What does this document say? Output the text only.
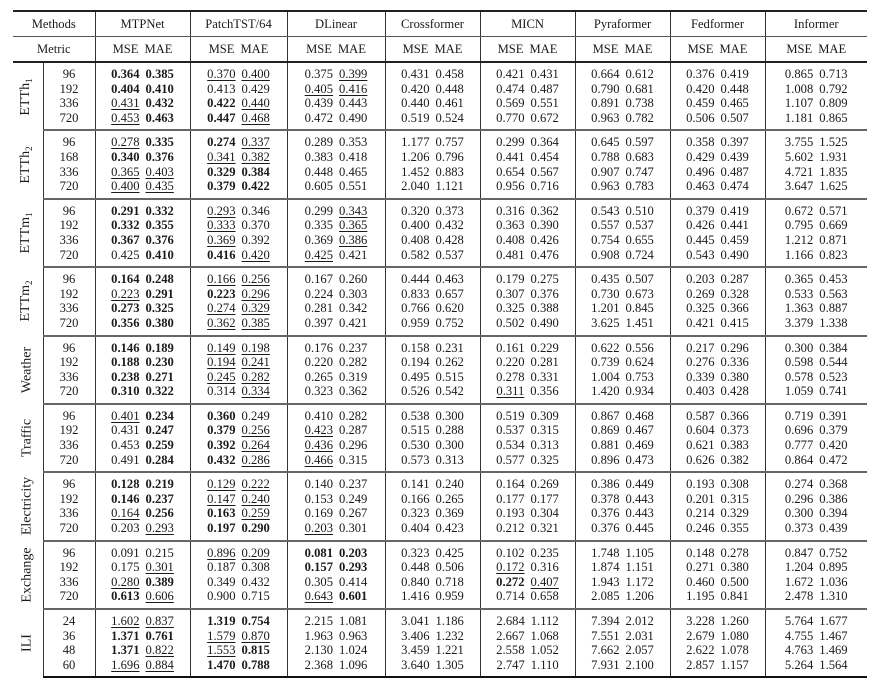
Methods		MTPNet	PatchTST/64	DLinear	Crossformer	MICN	Pyraformer	Fedformer	Informer
Metric		MSE MAE	MSE MAE	MSE MAE	MSE MAE	MSE MAE	MSE MAE	MSE MAE	MSE MAE

ETTh$_1$	96	0.364 0.385	0.370 0.400	0.375 0.399	0.431 0.458	0.421 0.431	0.664 0.612	0.376 0.419	0.865 0.713

	192	0.404 0.410	0.413 0.429	0.405 0.416	0.420 0.448	0.474 0.487	0.790 0.681	0.420 0.448	1.008 0.792

	336	0.431 0.432	0.422 0.440	0.439 0.443	0.440 0.461	0.569 0.551	0.891 0.738	0.459 0.465	1.107 0.809

	720	0.453 0.463	0.447 0.468	0.472 0.490	0.519 0.524	0.770 0.672	0.963 0.782	0.506 0.507	1.181 0.865

ETTh$_2$	96	0.278 0.335	0.274 0.337	0.289 0.353	1.177 0.757	0.299 0.364	0.645 0.597	0.358 0.397	3.755 1.525

	168	0.340 0.376	0.341 0.382	0.383 0.418	1.206 0.796	0.441 0.454	0.788 0.683	0.429 0.439	5.602 1.931

	336	0.365 0.403	0.329 0.384	0.448 0.465	1.452 0.883	0.654 0.567	0.907 0.747	0.496 0.487	4.721 1.835

	720	0.400 0.435	0.379 0.422	0.605 0.551	2.040 1.121	0.956 0.716	0.963 0.783	0.463 0.474	3.647 1.625

ETTm$_1$	96	0.291 0.332	0.293 0.346	0.299 0.343	0.320 0.373	0.316 0.362	0.543 0.510	0.379 0.419	0.672 0.571

	192	0.332 0.355	0.333 0.370	0.335 0.365	0.400 0.432	0.363 0.390	0.557 0.537	0.426 0.441	0.795 0.669

	336	0.367 0.376	0.369 0.392	0.369 0.386	0.408 0.428	0.408 0.426	0.754 0.655	0.445 0.459	1.212 0.871

	720	0.425 0.410	0.416 0.420	0.425 0.421	0.582 0.537	0.481 0.476	0.908 0.724	0.543 0.490	1.166 0.823

ETTm$_2$	96	0.164 0.248	0.166 0.256	0.167 0.260	0.444 0.463	0.179 0.275	0.435 0.507	0.203 0.287	0.365 0.453

	192	0.223 0.291	0.223 0.296	0.224 0.303	0.833 0.657	0.307 0.376	0.730 0.673	0.269 0.328	0.533 0.563

	336	0.273 0.325	0.274 0.329	0.281 0.342	0.766 0.620	0.325 0.388	1.201 0.845	0.325 0.366	1.363 0.887

	720	0.356 0.380	0.362 0.385	0.397 0.421	0.959 0.752	0.502 0.490	3.625 1.451	0.421 0.415	3.379 1.338

Weather	96	0.146 0.189	0.149 0.198	0.176 0.237	0.158 0.231	0.161 0.229	0.622 0.556	0.217 0.296	0.300 0.384

	192	0.188 0.230	0.194 0.241	0.220 0.282	0.194 0.262	0.220 0.281	0.739 0.624	0.276 0.336	0.598 0.544

	336	0.238 0.271	0.245 0.282	0.265 0.319	0.495 0.515	0.278 0.331	1.004 0.753	0.339 0.380	0.578 0.523

	720	0.310 0.322	0.314 0.334	0.323 0.362	0.526 0.542	0.311 0.356	1.420 0.934	0.403 0.428	1.059 0.741

Traffic	96	0.401 0.234	0.360 0.249	0.410 0.282	0.538 0.300	0.519 0.309	0.867 0.468	0.587 0.366	0.719 0.391

	192	0.431 0.247	0.379 0.256	0.423 0.287	0.515 0.288	0.537 0.315	0.869 0.467	0.604 0.373	0.696 0.379

	336	0.453 0.259	0.392 0.264	0.436 0.296	0.530 0.300	0.534 0.313	0.881 0.469	0.621 0.383	0.777 0.420

	720	0.491 0.284	0.432 0.286	0.466 0.315	0.573 0.313	0.577 0.325	0.896 0.473	0.626 0.382	0.864 0.472

Electricity	96	0.128 0.219	0.129 0.222	0.140 0.237	0.141 0.240	0.164 0.269	0.386 0.449	0.193 0.308	0.274 0.368

	192	0.146 0.237	0.147 0.240	0.153 0.249	0.166 0.265	0.177 0.177	0.378 0.443	0.201 0.315	0.296 0.386

	336	0.164 0.256	0.163 0.259	0.169 0.267	0.323 0.369	0.193 0.304	0.376 0.443	0.214 0.329	0.300 0.394

	720	0.203 0.293	0.197 0.290	0.203 0.301	0.404 0.423	0.212 0.321	0.376 0.445	0.246 0.355	0.373 0.439

Exchange	96	0.091 0.215	0.896 0.209	0.081 0.203	0.323 0.425	0.102 0.235	1.748 1.105	0.148 0.278	0.847 0.752

	192	0.175 0.301	0.187 0.308	0.157 0.293	0.448 0.506	0.172 0.316	1.874 1.151	0.271 0.380	1.204 0.895

	336	0.280 0.389	0.349 0.432	0.305 0.414	0.840 0.718	0.272 0.407	1.943 1.172	0.460 0.500	1.672 1.036

	720	0.613 0.606	0.900 0.715	0.643 0.601	1.416 0.959	0.714 0.658	2.085 1.206	1.195 0.841	2.478 1.310

ILI	24	1.602 0.837	1.319 0.754	2.215 1.081	3.041 1.186	2.684 1.112	7.394 2.012	3.228 1.260	5.764 1.677

	36	1.371 0.761	1.579 0.870	1.963 0.963	3.406 1.232	2.667 1.068	7.551 2.031	2.679 1.080	4.755 1.467

	48	1.371 0.822	1.553 0.815	2.130 1.024	3.459 1.221	2.558 1.052	7.662 2.057	2.622 1.078	4.763 1.469

	60	1.696 0.884	1.470 0.788	2.368 1.096	3.640 1.305	2.747 1.110	7.931 2.100	2.857 1.157	5.264 1.564
